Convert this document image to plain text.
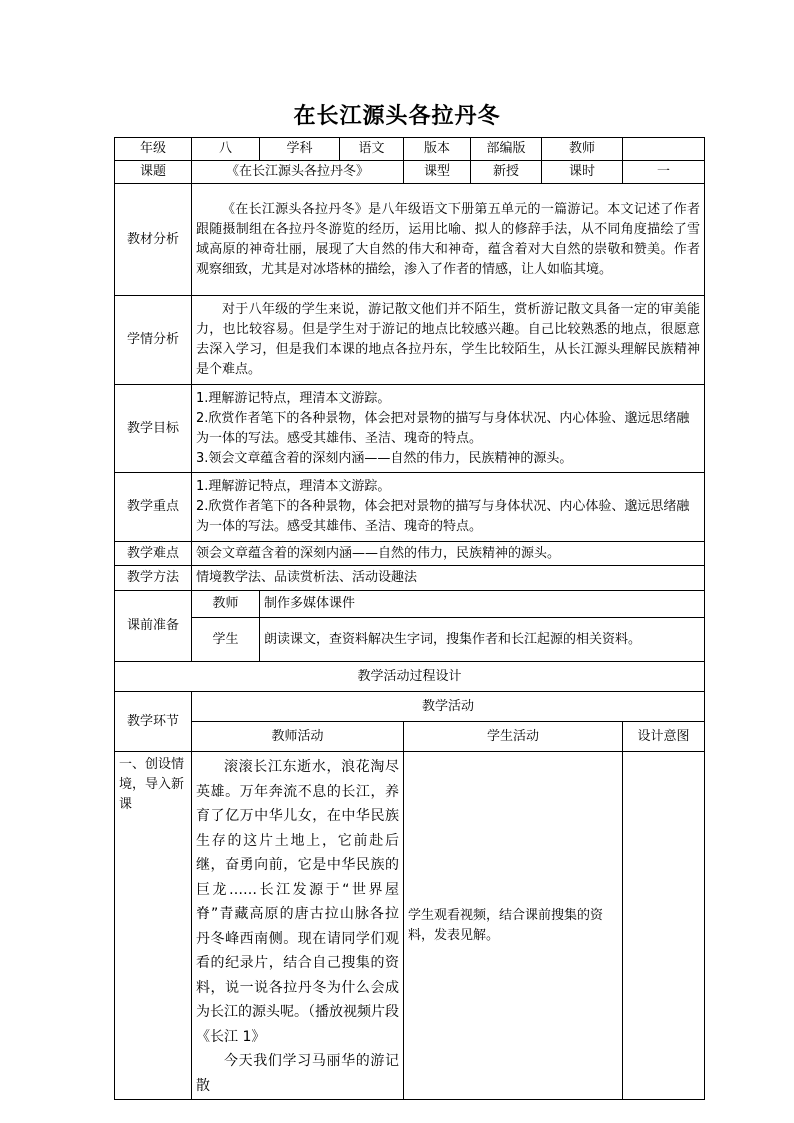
在长江源头各拉丹冬
年级	八	学科	语文	版本	部编版	教师	
课题	《在长江源头各拉丹冬》			课型	新授	课时	一
教材分析	《在长江源头各拉丹冬》是八年级语文下册第五单元的一篇游记。本文记述了作者跟随摄制组在各拉丹冬游览的经历，运用比喻、拟人的修辞手法，从不同角度描绘了雪域高原的神奇壮丽，展现了大自然的伟大和神奇，蕴含着对大自然的崇敬和赞美。作者观察细致，尤其是对冰塔林的描绘，渗入了作者的情感，让人如临其境。						

学情分析	对于八年级的学生来说，游记散文他们并不陌生，赏析游记散文具备一定的审美能力，也比较容易。但是学生对于游记的地点比较感兴趣。自己比较熟悉的地点，很愿意去深入学习，但是我们本课的地点各拉丹东，学生比较陌生，从长江源头理解民族精神是个难点。						

教学目标	1.理解游记特点，理清本文游踪。

2.欣赏作者笔下的各种景物，体会把对景物的描写与身体状况、内心体验、邈远思绪融为一体的写法。感受其雄伟、圣洁、瑰奇的特点。

3.领会文章蕴含着的深刻内涵——自然的伟力，民族精神的源头。						

教学重点	1.理解游记特点，理清本文游踪。

2.欣赏作者笔下的各种景物，体会把对景物的描写与身体状况、内心体验、邈远思绪融为一体的写法。感受其雄伟、圣洁、瑰奇的特点。						

教学难点	领会文章蕴含着的深刻内涵——自然的伟力，民族精神的源头。						
教学方法	情境教学法、品读赏析法、活动设趣法						
课前准备	教师	制作多媒体课件					
	学生	朗读课文，查资料解决生字词，搜集作者和长江起源的相关资料。					
教学活动过程设计							
教学环节	教学活动						
	教师活动			学生活动			设计意图
一、创设情境，导入新课	滚滚长江东逝水，浪花淘尽英雄。万年奔流不息的长江，养育了亿万中华儿女，在中华民族生存的这片土地上，它前赴后继，奋勇向前，它是中华民族的巨龙……长江发源于“世界屋脊”青藏高原的唐古拉山脉各拉丹冬峰西南侧。现在请同学们观看的纪录片，结合自己搜集的资料，说一说各拉丹冬为什么会成为长江的源头呢。（播放视频片段《长江 1》

今天我们学习马丽华的游记散			学生观看视频，结合课前搜集的资料，发表见解。			
